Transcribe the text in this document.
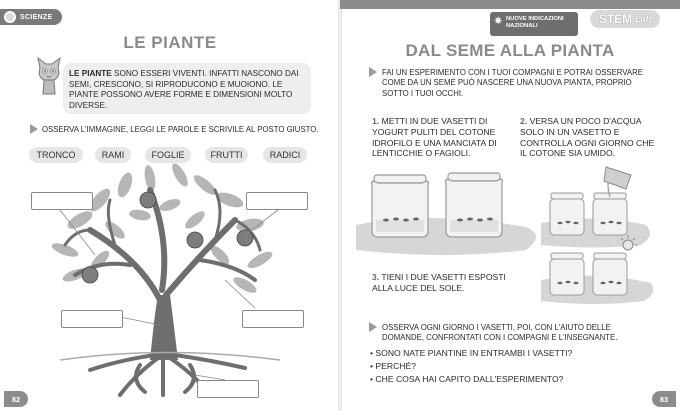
SCIENZE
LE PIANTE
LE PIANTE SONO ESSERI VIVENTI. INFATTI NASCONO DAI SEMI, CRESCONO, SI RIPRODUCONO E MUOIONO. LE PIANTE POSSONO AVERE FORME E DIMENSIONI MOLTO DIVERSE.
OSSERVA L'IMMAGINE, LEGGI LE PAROLE E SCRIVILE AL POSTO GIUSTO.
TRONCO	RAMI	FOGLIE	FRUTTI	RADICI
82
✷ NUOVE INDICAZIONI NAZIONALI	STEM Lab
DAL SEME ALLA PIANTA
FAI UN ESPERIMENTO CON I TUOI COMPAGNI E POTRAI OSSERVARE COME DA UN SEME PUÒ NASCERE UNA NUOVA PIANTA, PROPRIO SOTTO I TUOI OCCHI.
1. METTI IN DUE VASETTI DI YOGURT PULITI DEL COTONE IDROFILO E UNA MANCIATA DI LENTICCHIE O FAGIOLI.
2. VERSA UN POCO D'ACQUA SOLO IN UN VASETTO E CONTROLLA OGNI GIORNO CHE IL COTONE SIA UMIDO.
3. TIENI I DUE VASETTI ESPOSTI ALLA LUCE DEL SOLE.
OSSERVA OGNI GIORNO I VASETTI, POI, CON L'AIUTO DELLE DOMANDE, CONFRONTATI CON I COMPAGNI E L'INSEGNANTE.
• SONO NATE PIANTINE IN ENTRAMBI I VASETTI?
• PERCHÉ?
• CHE COSA HAI CAPITO DALL'ESPERIMENTO?
83
